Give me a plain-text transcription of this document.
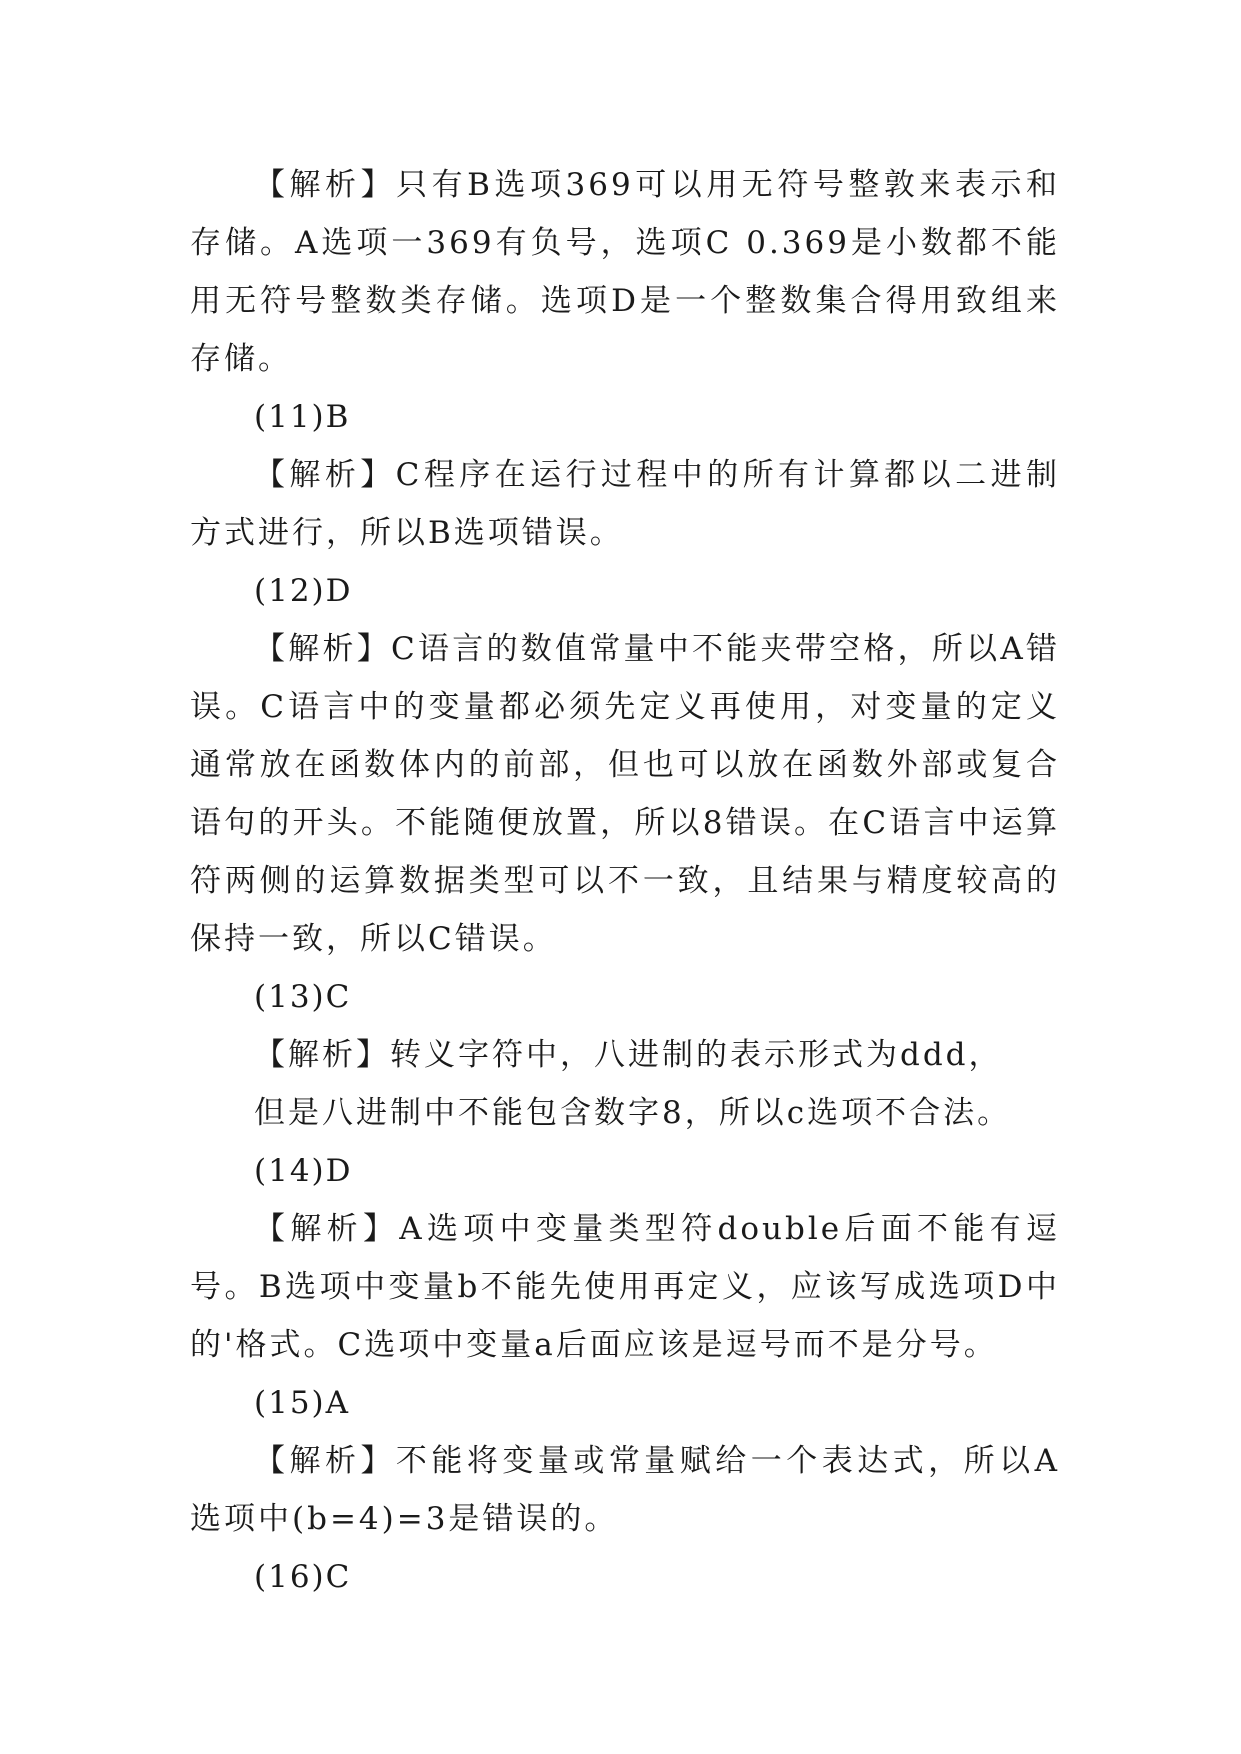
【解析】只有B选项369可以用无符号整敦来表示和存储。A选项一369有负号，选项C 0.369是小数都不能用无符号整数类存储。选项D是一个整数集合得用致组来存储。

(11)B

【解析】C程序在运行过程中的所有计算都以二进制方式进行，所以B选项错误。

(12)D

【解析】C语言的数值常量中不能夹带空格，所以A错误。C语言中的变量都必须先定义再使用，对变量的定义通常放在函数体内的前部，但也可以放在函数外部或复合语句的开头。不能随便放置，所以8错误。在C语言中运算符两侧的运算数据类型可以不一致，且结果与精度较高的保持一致，所以C错误。

(13)C

【解析】转义字符中，八进制的表示形式为ddd，

但是八进制中不能包含数字8，所以c选项不合法。

(14)D

【解析】A选项中变量类型符double后面不能有逗号。B选项中变量b不能先使用再定义，应该写成选项D中的'格式。C选项中变量a后面应该是逗号而不是分号。

(15)A

【解析】不能将变量或常量赋给一个表达式，所以A选项中(b=4)=3是错误的。

(16)C
